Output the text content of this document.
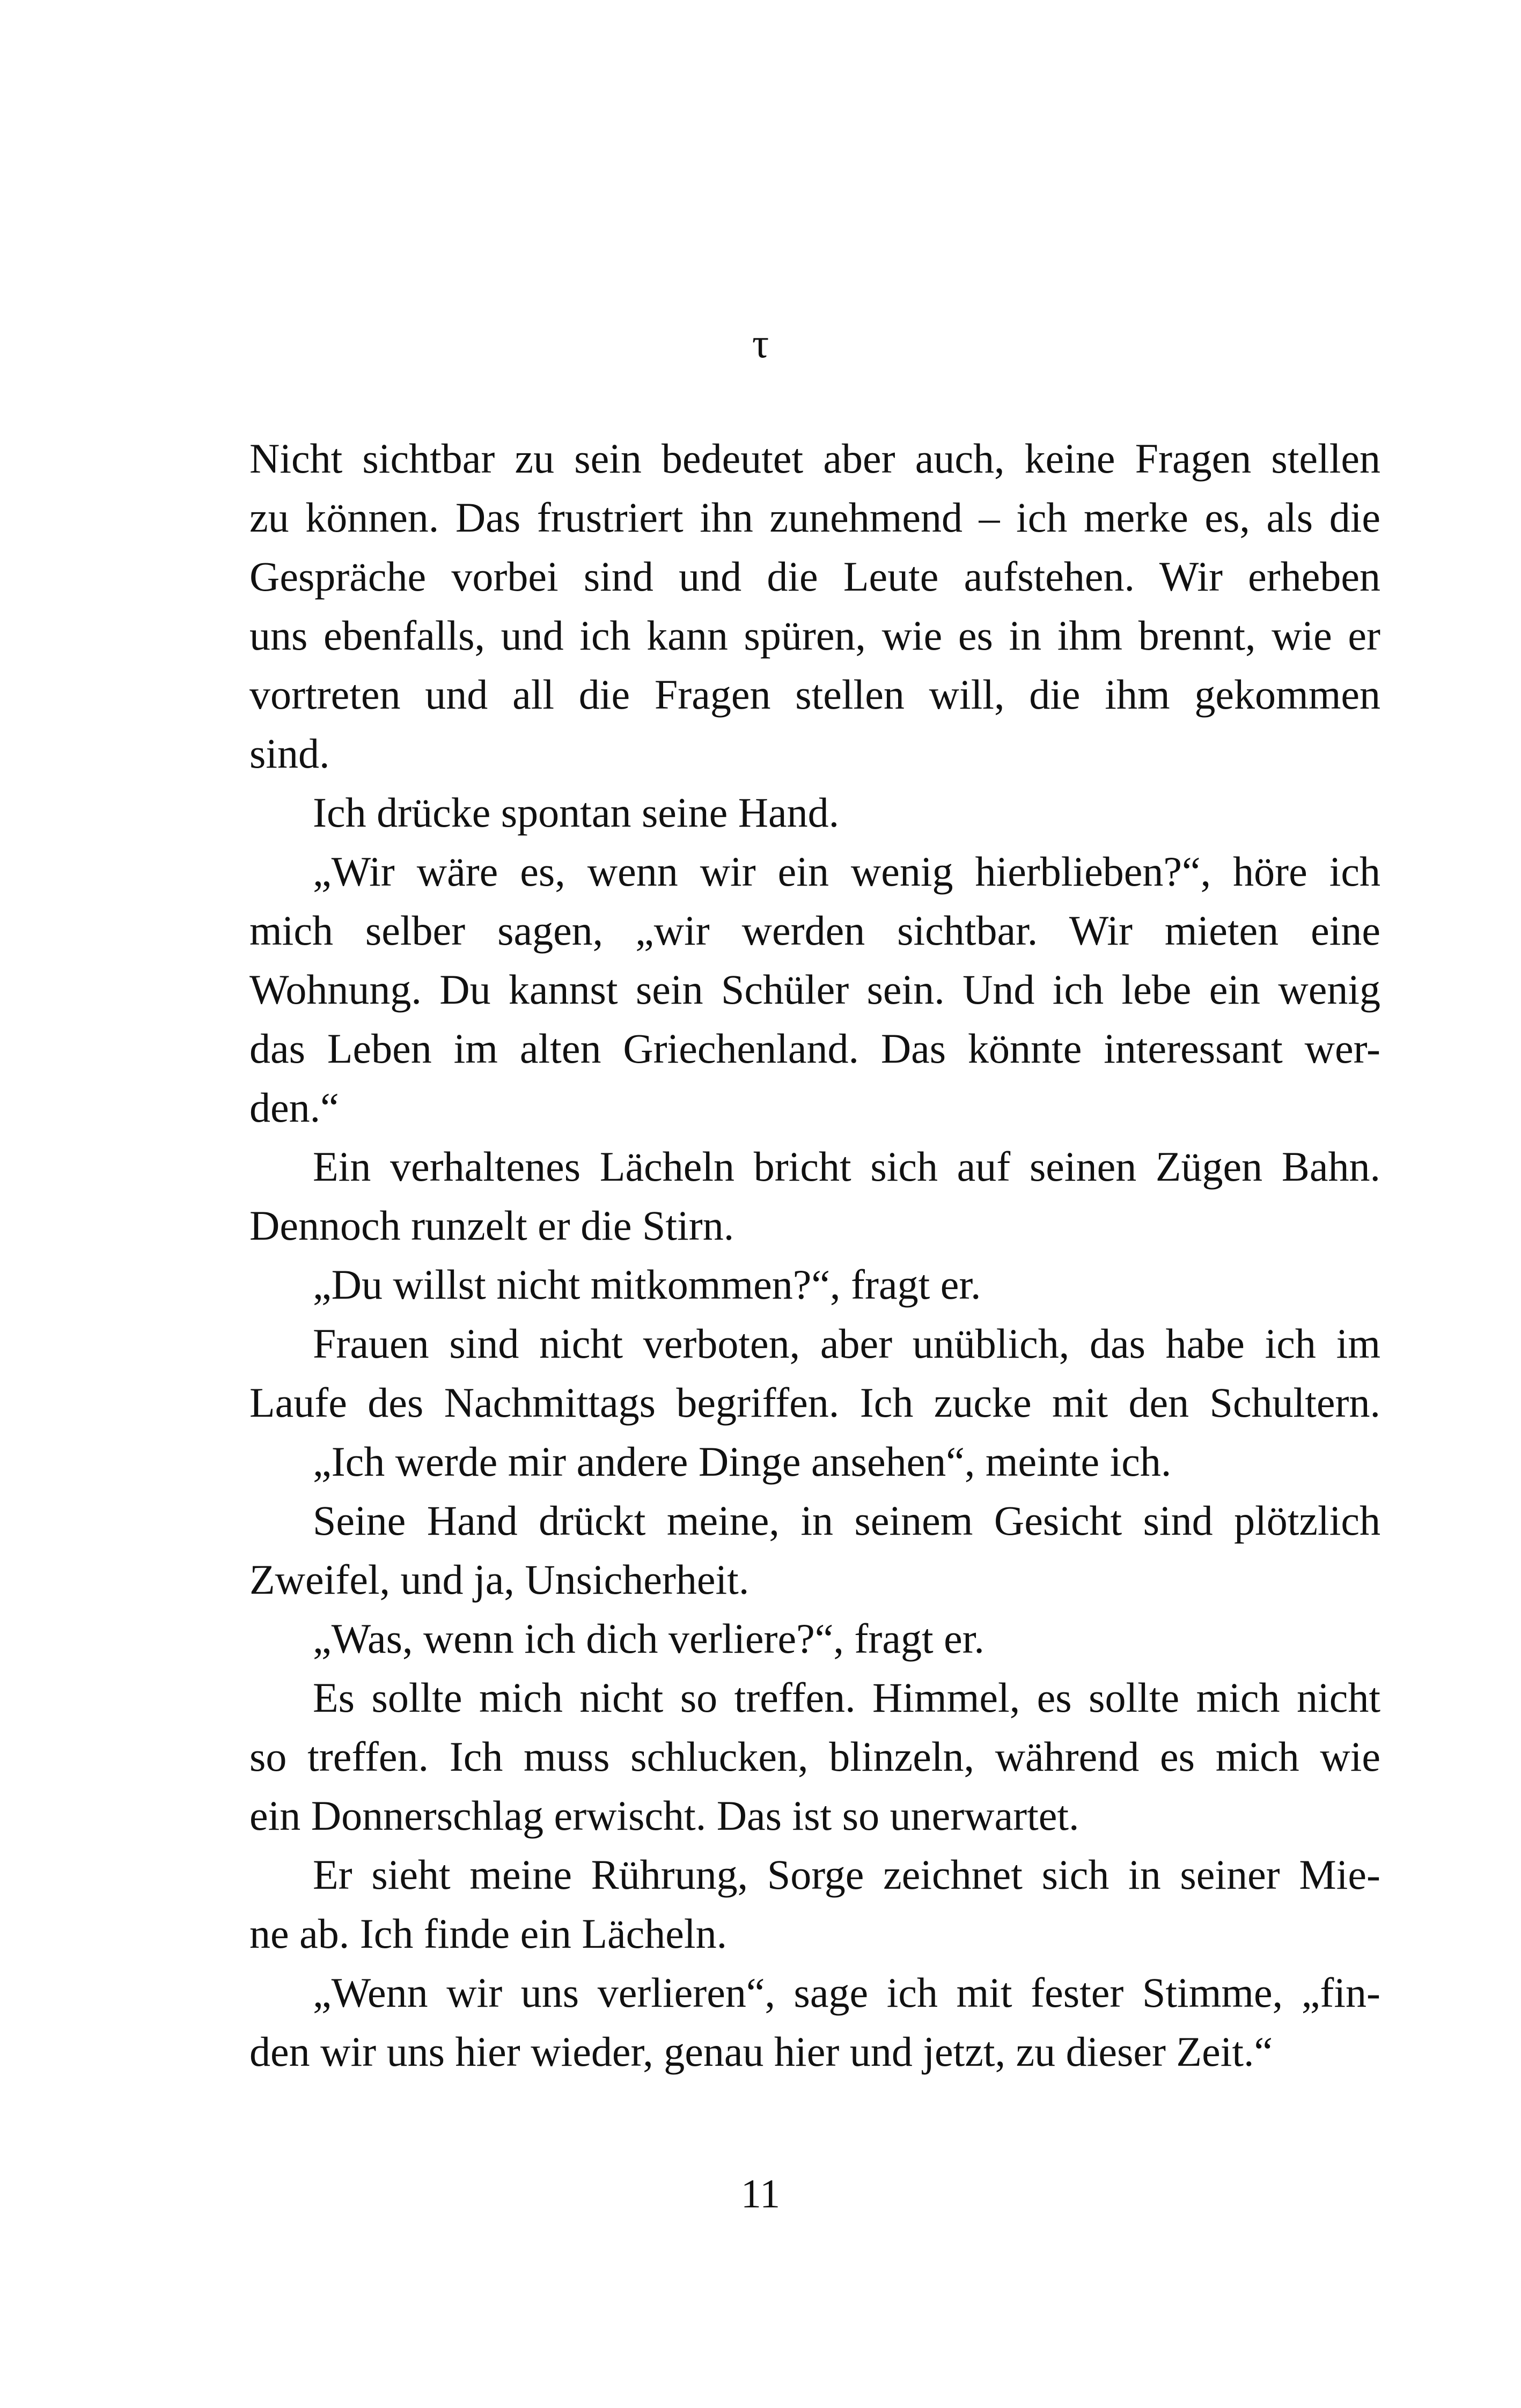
τ
Nicht sichtbar zu sein bedeutet aber auch, keine Fragen stellen
zu können. Das frustriert ihn zunehmend – ich merke es, als die
Gespräche vorbei sind und die Leute aufstehen. Wir erheben
uns ebenfalls, und ich kann spüren, wie es in ihm brennt, wie er
vortreten und all die Fragen stellen will, die ihm gekommen
sind.
Ich drücke spontan seine Hand.
„Wir wäre es, wenn wir ein wenig hierblieben?“, höre ich
mich selber sagen, „wir werden sichtbar. Wir mieten eine
Wohnung. Du kannst sein Schüler sein. Und ich lebe ein wenig
das Leben im alten Griechenland. Das könnte interessant wer-
den.“
Ein verhaltenes Lächeln bricht sich auf seinen Zügen Bahn.
Dennoch runzelt er die Stirn.
„Du willst nicht mitkommen?“, fragt er.
Frauen sind nicht verboten, aber unüblich, das habe ich im
Laufe des Nachmittags begriffen. Ich zucke mit den Schultern.
„Ich werde mir andere Dinge ansehen“, meinte ich.
Seine Hand drückt meine, in seinem Gesicht sind plötzlich
Zweifel, und ja, Unsicherheit.
„Was, wenn ich dich verliere?“, fragt er.
Es sollte mich nicht so treffen. Himmel, es sollte mich nicht
so treffen. Ich muss schlucken, blinzeln, während es mich wie
ein Donnerschlag erwischt. Das ist so unerwartet.
Er sieht meine Rührung, Sorge zeichnet sich in seiner Mie-
ne ab. Ich finde ein Lächeln.
„Wenn wir uns verlieren“, sage ich mit fester Stimme, „fin-
den wir uns hier wieder, genau hier und jetzt, zu dieser Zeit.“
11
